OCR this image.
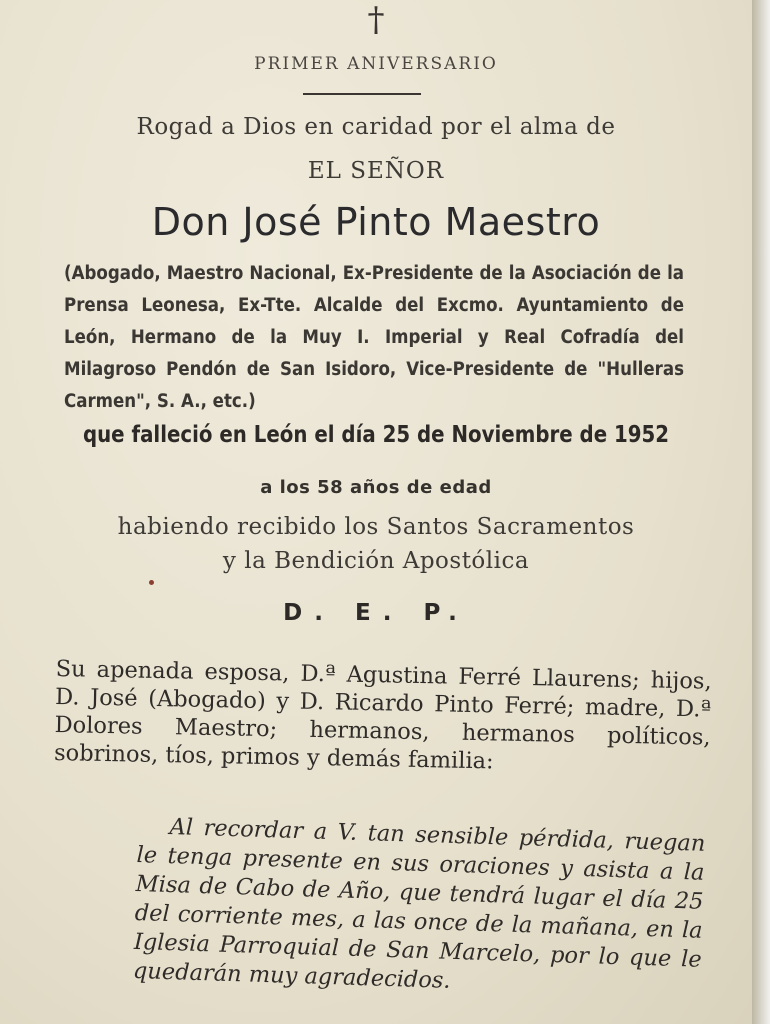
†
PRIMER ANIVERSARIO
Rogad a Dios en caridad por el alma de
EL SEÑOR
Don José Pinto Maestro
(Abogado, Maestro Nacional, Ex-Presidente de la Asociación de la Prensa Leonesa, Ex-Tte. Alcalde del Excmo. Ayuntamiento de León, Hermano de la Muy I. Imperial y Real Cofradía del Milagroso Pendón de San Isidoro, Vice-Presidente de "Hulleras Carmen", S. A., etc.)
que falleció en León el día 25 de Noviembre de 1952
a los 58 años de edad
habiendo recibido los Santos Sacramentos
y la Bendición Apostólica
D. E. P.

Su apenada esposa, D.ª Agustina Ferré Llaurens; hijos, D. José (Abogado) y D. Ricardo Pinto Ferré; madre, D.ª Dolores Maestro; hermanos, hermanos políticos, sobrinos, tíos, primos y demás familia:

Al recordar a V. tan sensible pérdida, ruegan le tenga presente en sus oraciones y asista a la Misa de Cabo de Año, que tendrá lugar el día 25 del corriente mes, a las once de la mañana, en la Iglesia Parroquial de San Marcelo, por lo que le quedarán muy agradecidos.
